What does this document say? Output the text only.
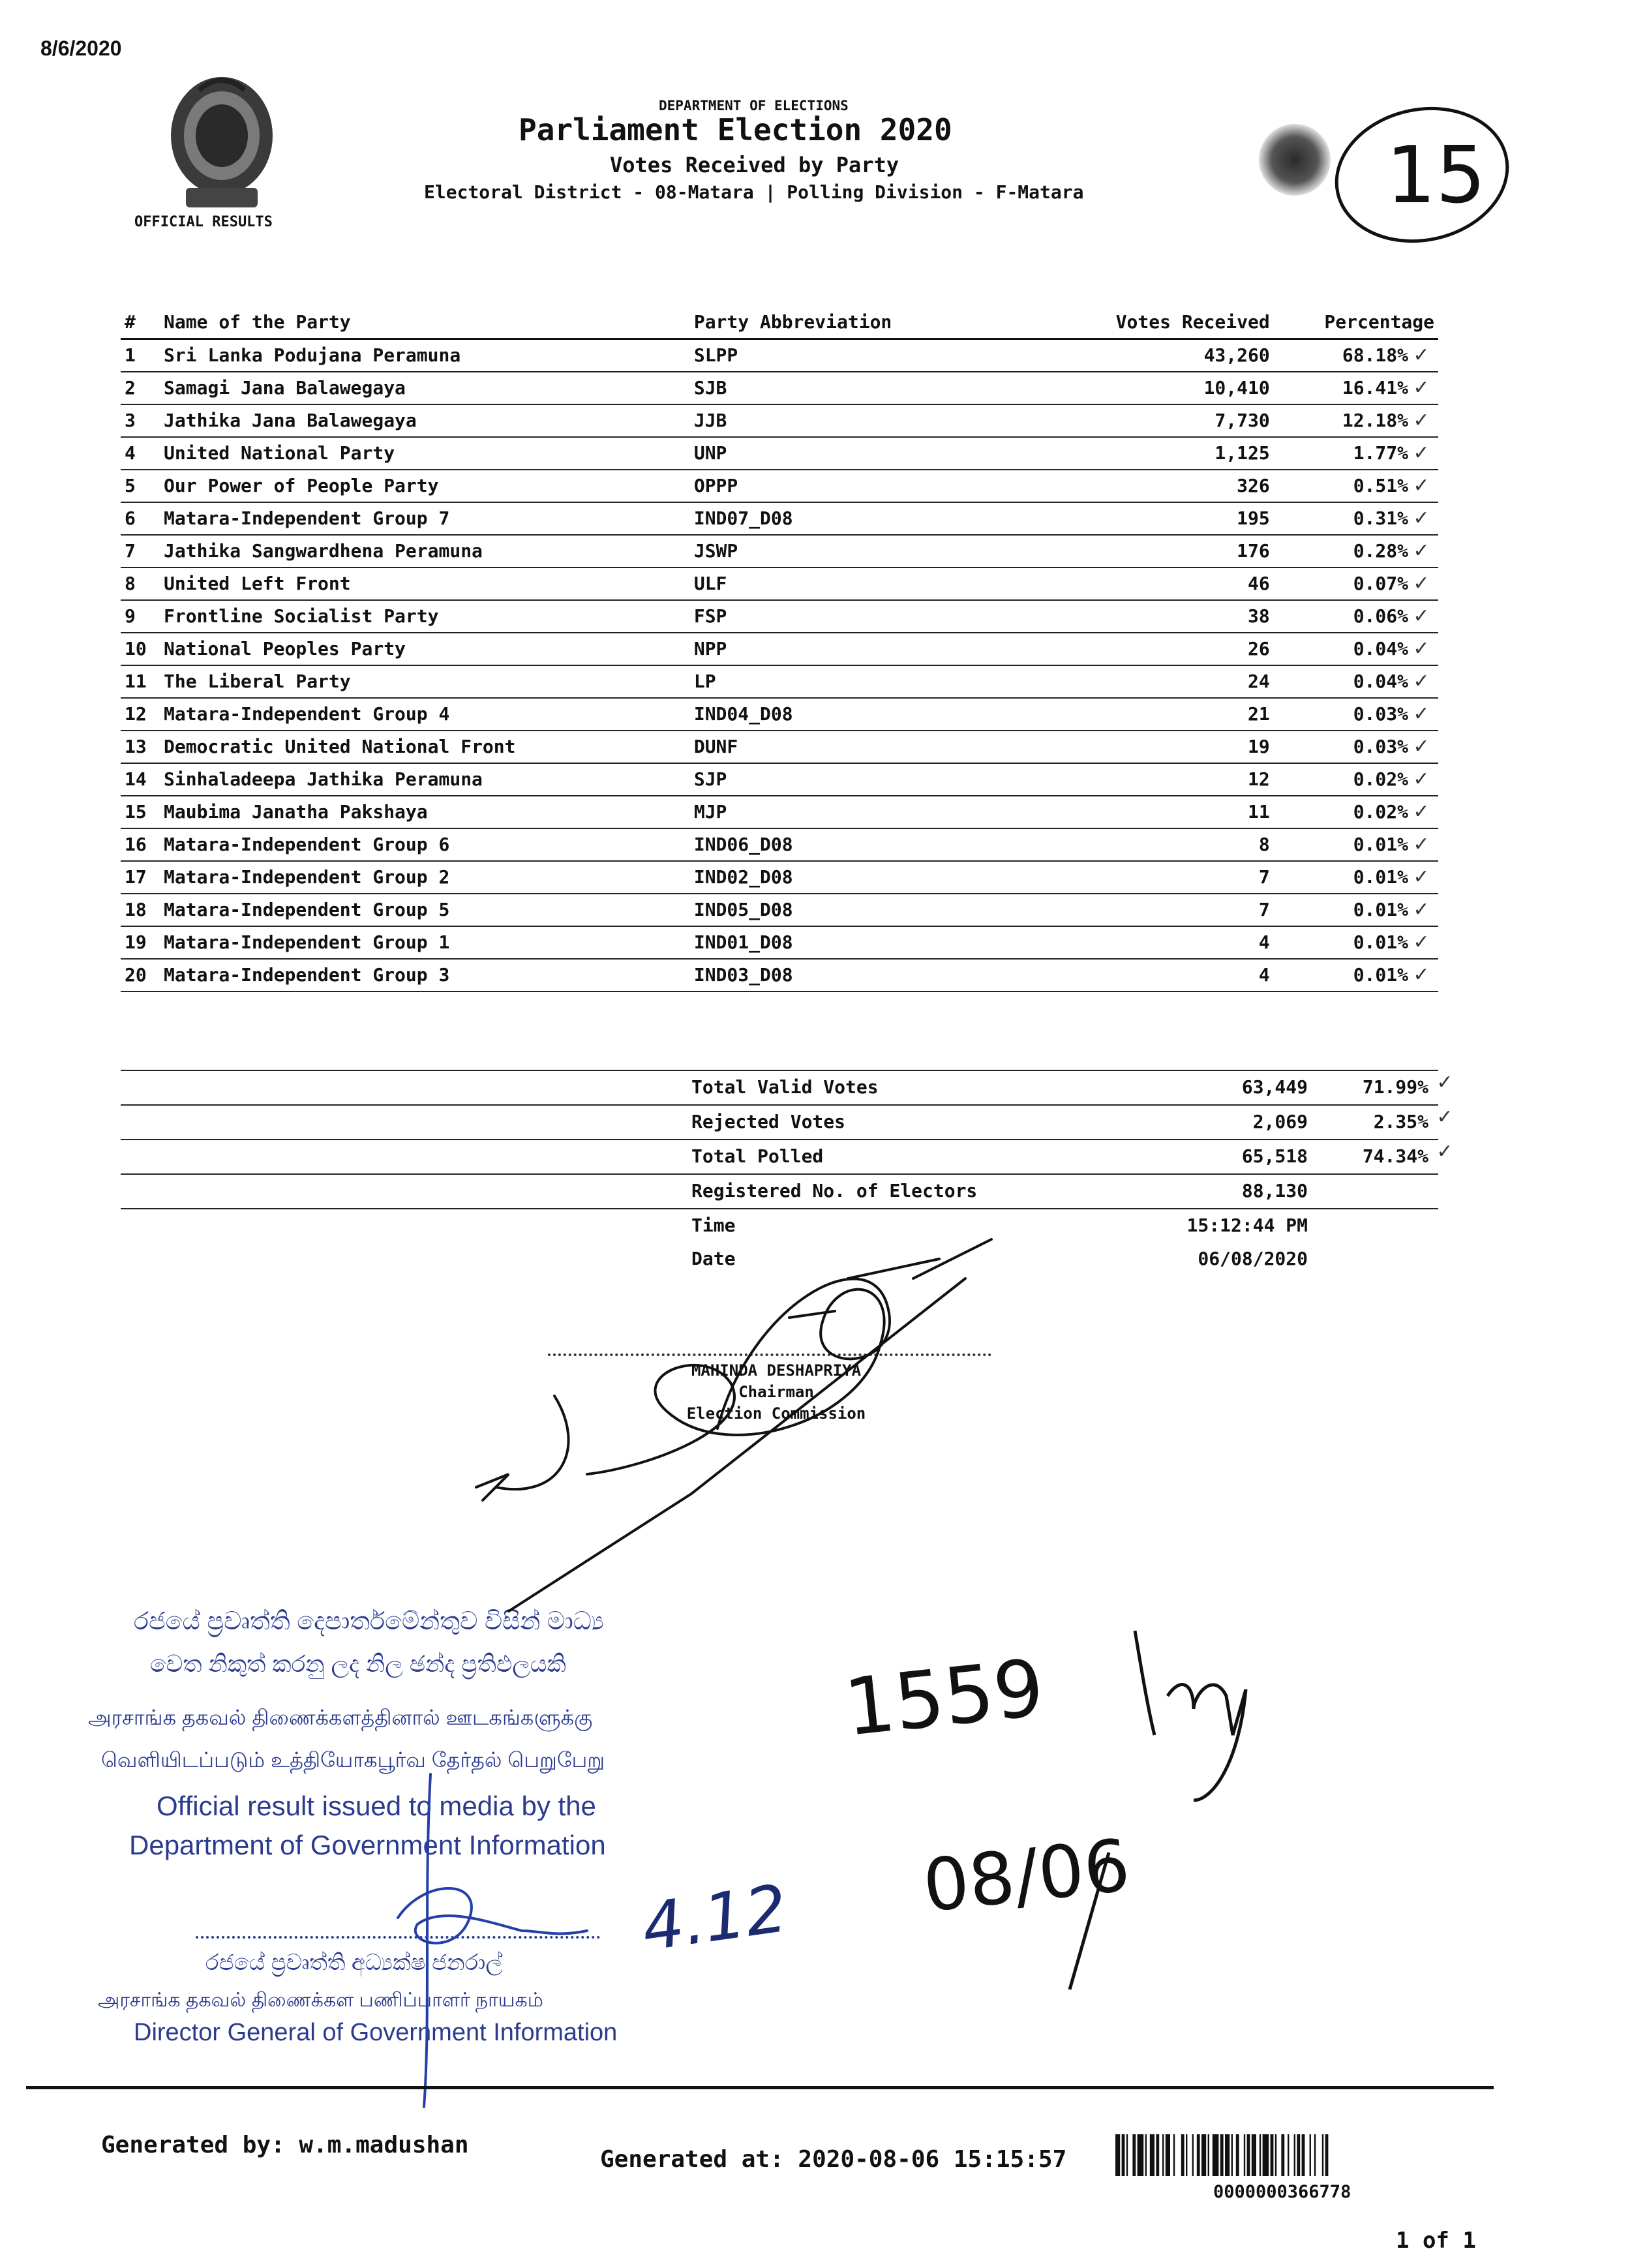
8/6/2020
OFFICIAL RESULTS
DEPARTMENT OF ELECTIONS
Parliament Election 2020
Votes Received by Party
Electoral District - 08-Matara | Polling Division - F-Matara	15
#	Name of the Party	Party Abbreviation	Votes Received	Percentage
1	Sri Lanka Podujana Peramuna	SLPP	43,260	68.18% ✓
2	Samagi Jana Balawegaya	SJB	10,410	16.41% ✓
3	Jathika Jana Balawegaya	JJB	7,730	12.18% ✓
4	United National Party	UNP	1,125	1.77% ✓
5	Our Power of People Party	OPPP	326	0.51% ✓
6	Matara-Independent Group 7	IND07_D08	195	0.31% ✓
7	Jathika Sangwardhena Peramuna	JSWP	176	0.28% ✓
8	United Left Front	ULF	46	0.07% ✓
9	Frontline Socialist Party	FSP	38	0.06% ✓
10	National Peoples Party	NPP	26	0.04% ✓
11	The Liberal Party	LP	24	0.04% ✓
12	Matara-Independent Group 4	IND04_D08	21	0.03% ✓
13	Democratic United National Front	DUNF	19	0.03% ✓
14	Sinhaladeepa Jathika Peramuna	SJP	12	0.02% ✓
15	Maubima Janatha Pakshaya	MJP	11	0.02% ✓
16	Matara-Independent Group 6	IND06_D08	8	0.01% ✓
17	Matara-Independent Group 2	IND02_D08	7	0.01% ✓
18	Matara-Independent Group 5	IND05_D08	7	0.01% ✓
19	Matara-Independent Group 1	IND01_D08	4	0.01% ✓
20	Matara-Independent Group 3	IND03_D08	4	0.01% ✓
Total Valid Votes	63,449	71.99% ✓
Rejected Votes	2,069	2.35% ✓
Total Polled	65,518	74.34% ✓
Registered No. of Electors	88,130
Time	15:12:44 PM
Date	06/08/2020
MAHINDA DESHAPRIYA
Chairman
Election Commission
රජයේ ප්‍රවෘත්ති දෙපාර්තමේන්තුව විසින් මාධ්‍ය
වෙත නිකුත් කරනු ලද නිල ඡන්ද ප්‍රතිඵලයකි
அரசாங்க தகவல் திணைக்களத்தினால் ஊடகங்களுக்கு
வெளியிடப்படும் உத்தியோகபூர்வ தேர்தல் பெறுபேறு
Official result issued to media by the
Department of Government Information
රජයේ ප්‍රවෘත්ති අධ්‍යක්ෂ ජනරාල්
அரசாங்க தகவல் திணைக்கள பணிப்பாளர் நாயகம்
Director General of Government Information
4.12
1559
08/06
Generated by: w.m.madushan
Generated at: 2020-08-06 15:15:57
0000000366778
1 of 1
